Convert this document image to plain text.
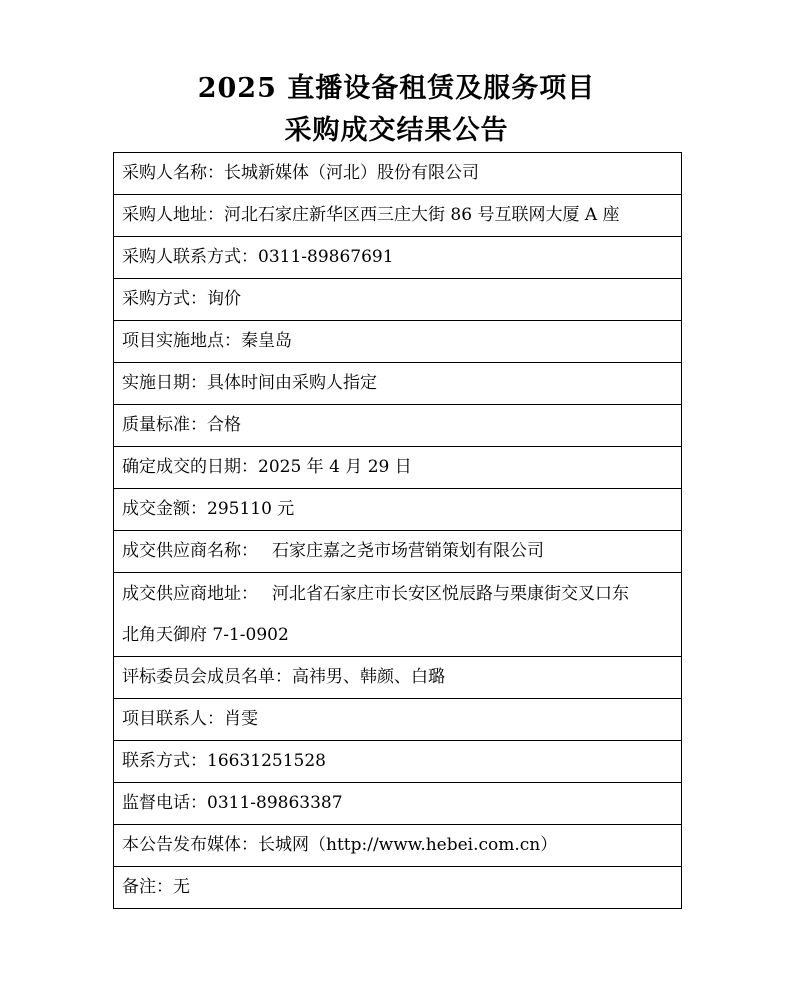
2025 直播设备租赁及服务项目
采购成交结果公告
采购人名称：长城新媒体（河北）股份有限公司
采购人地址：河北石家庄新华区西三庄大街 86 号互联网大厦 A 座
采购人联系方式：0311-89867691
采购方式：询价
项目实施地点：秦皇岛
实施日期：具体时间由采购人指定
质量标准：合格
确定成交的日期：2025 年 4 月 29 日
成交金额：295110 元
成交供应商名称： 石家庄嘉之尧市场营销策划有限公司

成交供应商地址： 河北省石家庄市长安区悦辰路与栗康街交叉口东
北角天御府 7-1-0902

评标委员会成员名单：高祎男、韩颜、白璐
项目联系人：肖雯
联系方式：16631251528
监督电话：0311-89863387
本公告发布媒体：长城网（http://www.hebei.com.cn）
备注：无
